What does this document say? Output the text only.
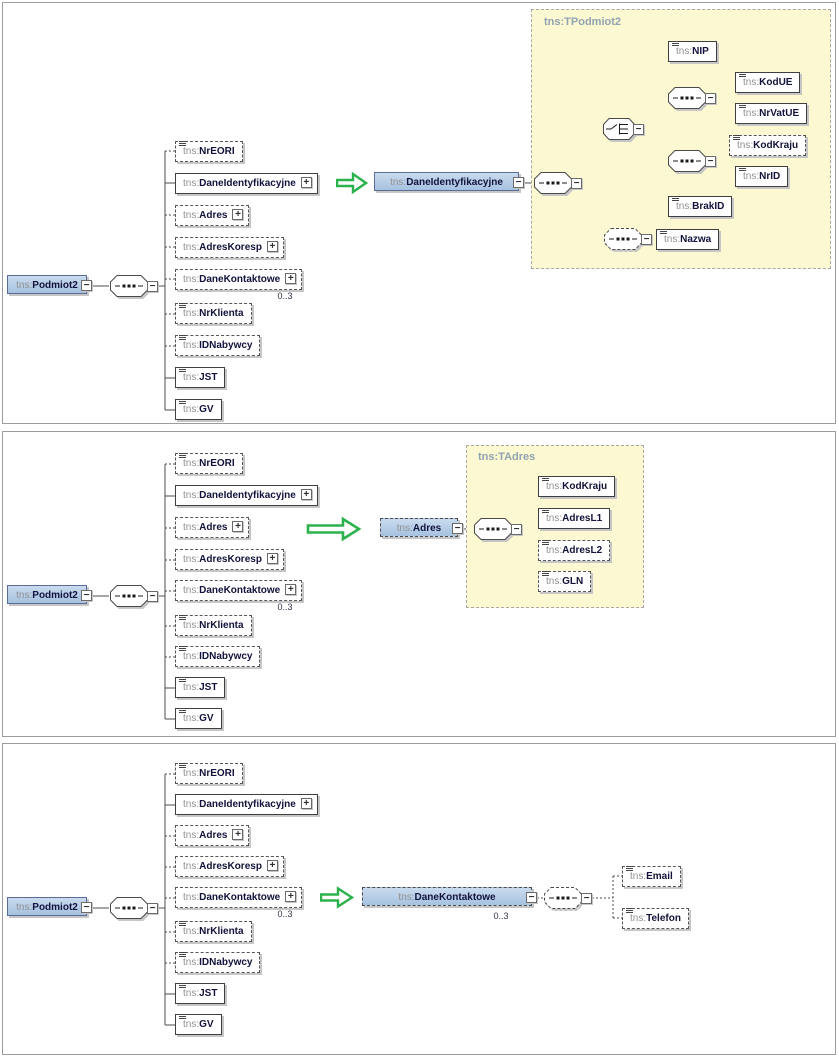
tns:TPodmiot2
tns:Podmiot2 −	−
tns:NrEORI
tns:DaneIdentyfikacyjne +
tns:Adres +
tns:AdresKoresp +
tns:DaneKontaktowe +
0..3
tns:NrKlienta
tns:IDNabywcy
tns:JST
tns:GV
tns:DaneIdentyfikacyjne −	−
−
tns:NIP
−
tns:KodUE
tns:NrVatUE
−
tns:KodKraju
tns:NrID
tns:BrakID
−	tns:Nazwa
tns:TAdres
tns:Podmiot2 −	−
tns:NrEORI
tns:DaneIdentyfikacyjne +
tns:Adres +
tns:AdresKoresp +
tns:DaneKontaktowe +
0..3
tns:NrKlienta
tns:IDNabywcy
tns:JST
tns:GV
tns:Adres −	−
tns:KodKraju
tns:AdresL1
tns:AdresL2
tns:GLN
tns:Podmiot2 −	−
tns:NrEORI
tns:DaneIdentyfikacyjne +
tns:Adres +
tns:AdresKoresp +
tns:DaneKontaktowe +
0..3
tns:NrKlienta
tns:IDNabywcy
tns:JST
tns:GV
tns:DaneKontaktowe	−
0..3
−
tns:Email
tns:Telefon
